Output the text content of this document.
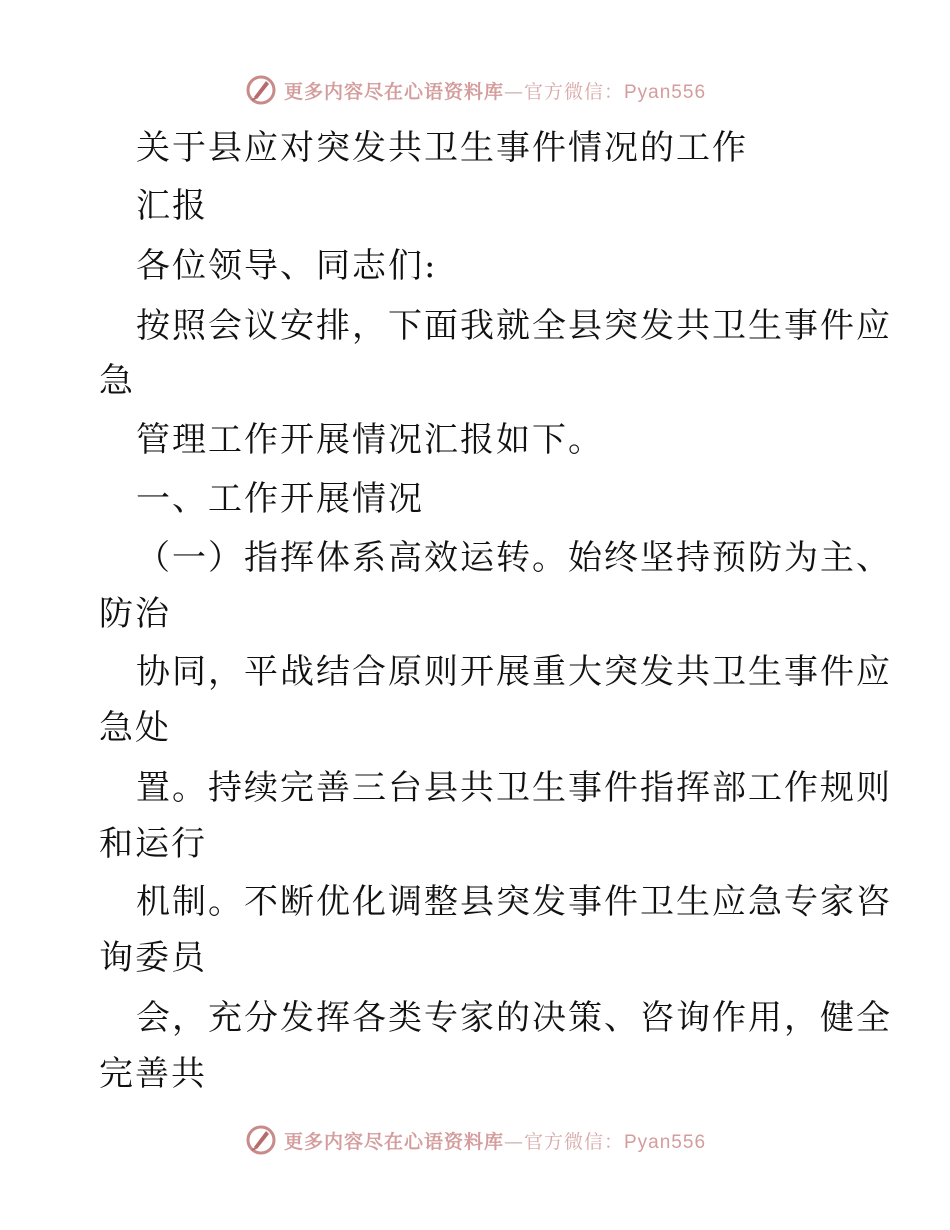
更多内容尽在心语资料库—官方微信：Pyan556
关于县应对突发共卫生事件情况的工作
汇报
各位领导、同志们:
按照会议安排，下面我就全县突发共卫生事件应
急
管理工作开展情况汇报如下。
一、工作开展情况
（一）指挥体系高效运转。始终坚持预防为主、
防治
协同，平战结合原则开展重大突发共卫生事件应
急处
置。持续完善三台县共卫生事件指挥部工作规则
和运行
机制。不断优化调整县突发事件卫生应急专家咨
询委员
会，充分发挥各类专家的决策、咨询作用，健全
完善共
更多内容尽在心语资料库—官方微信：Pyan556
